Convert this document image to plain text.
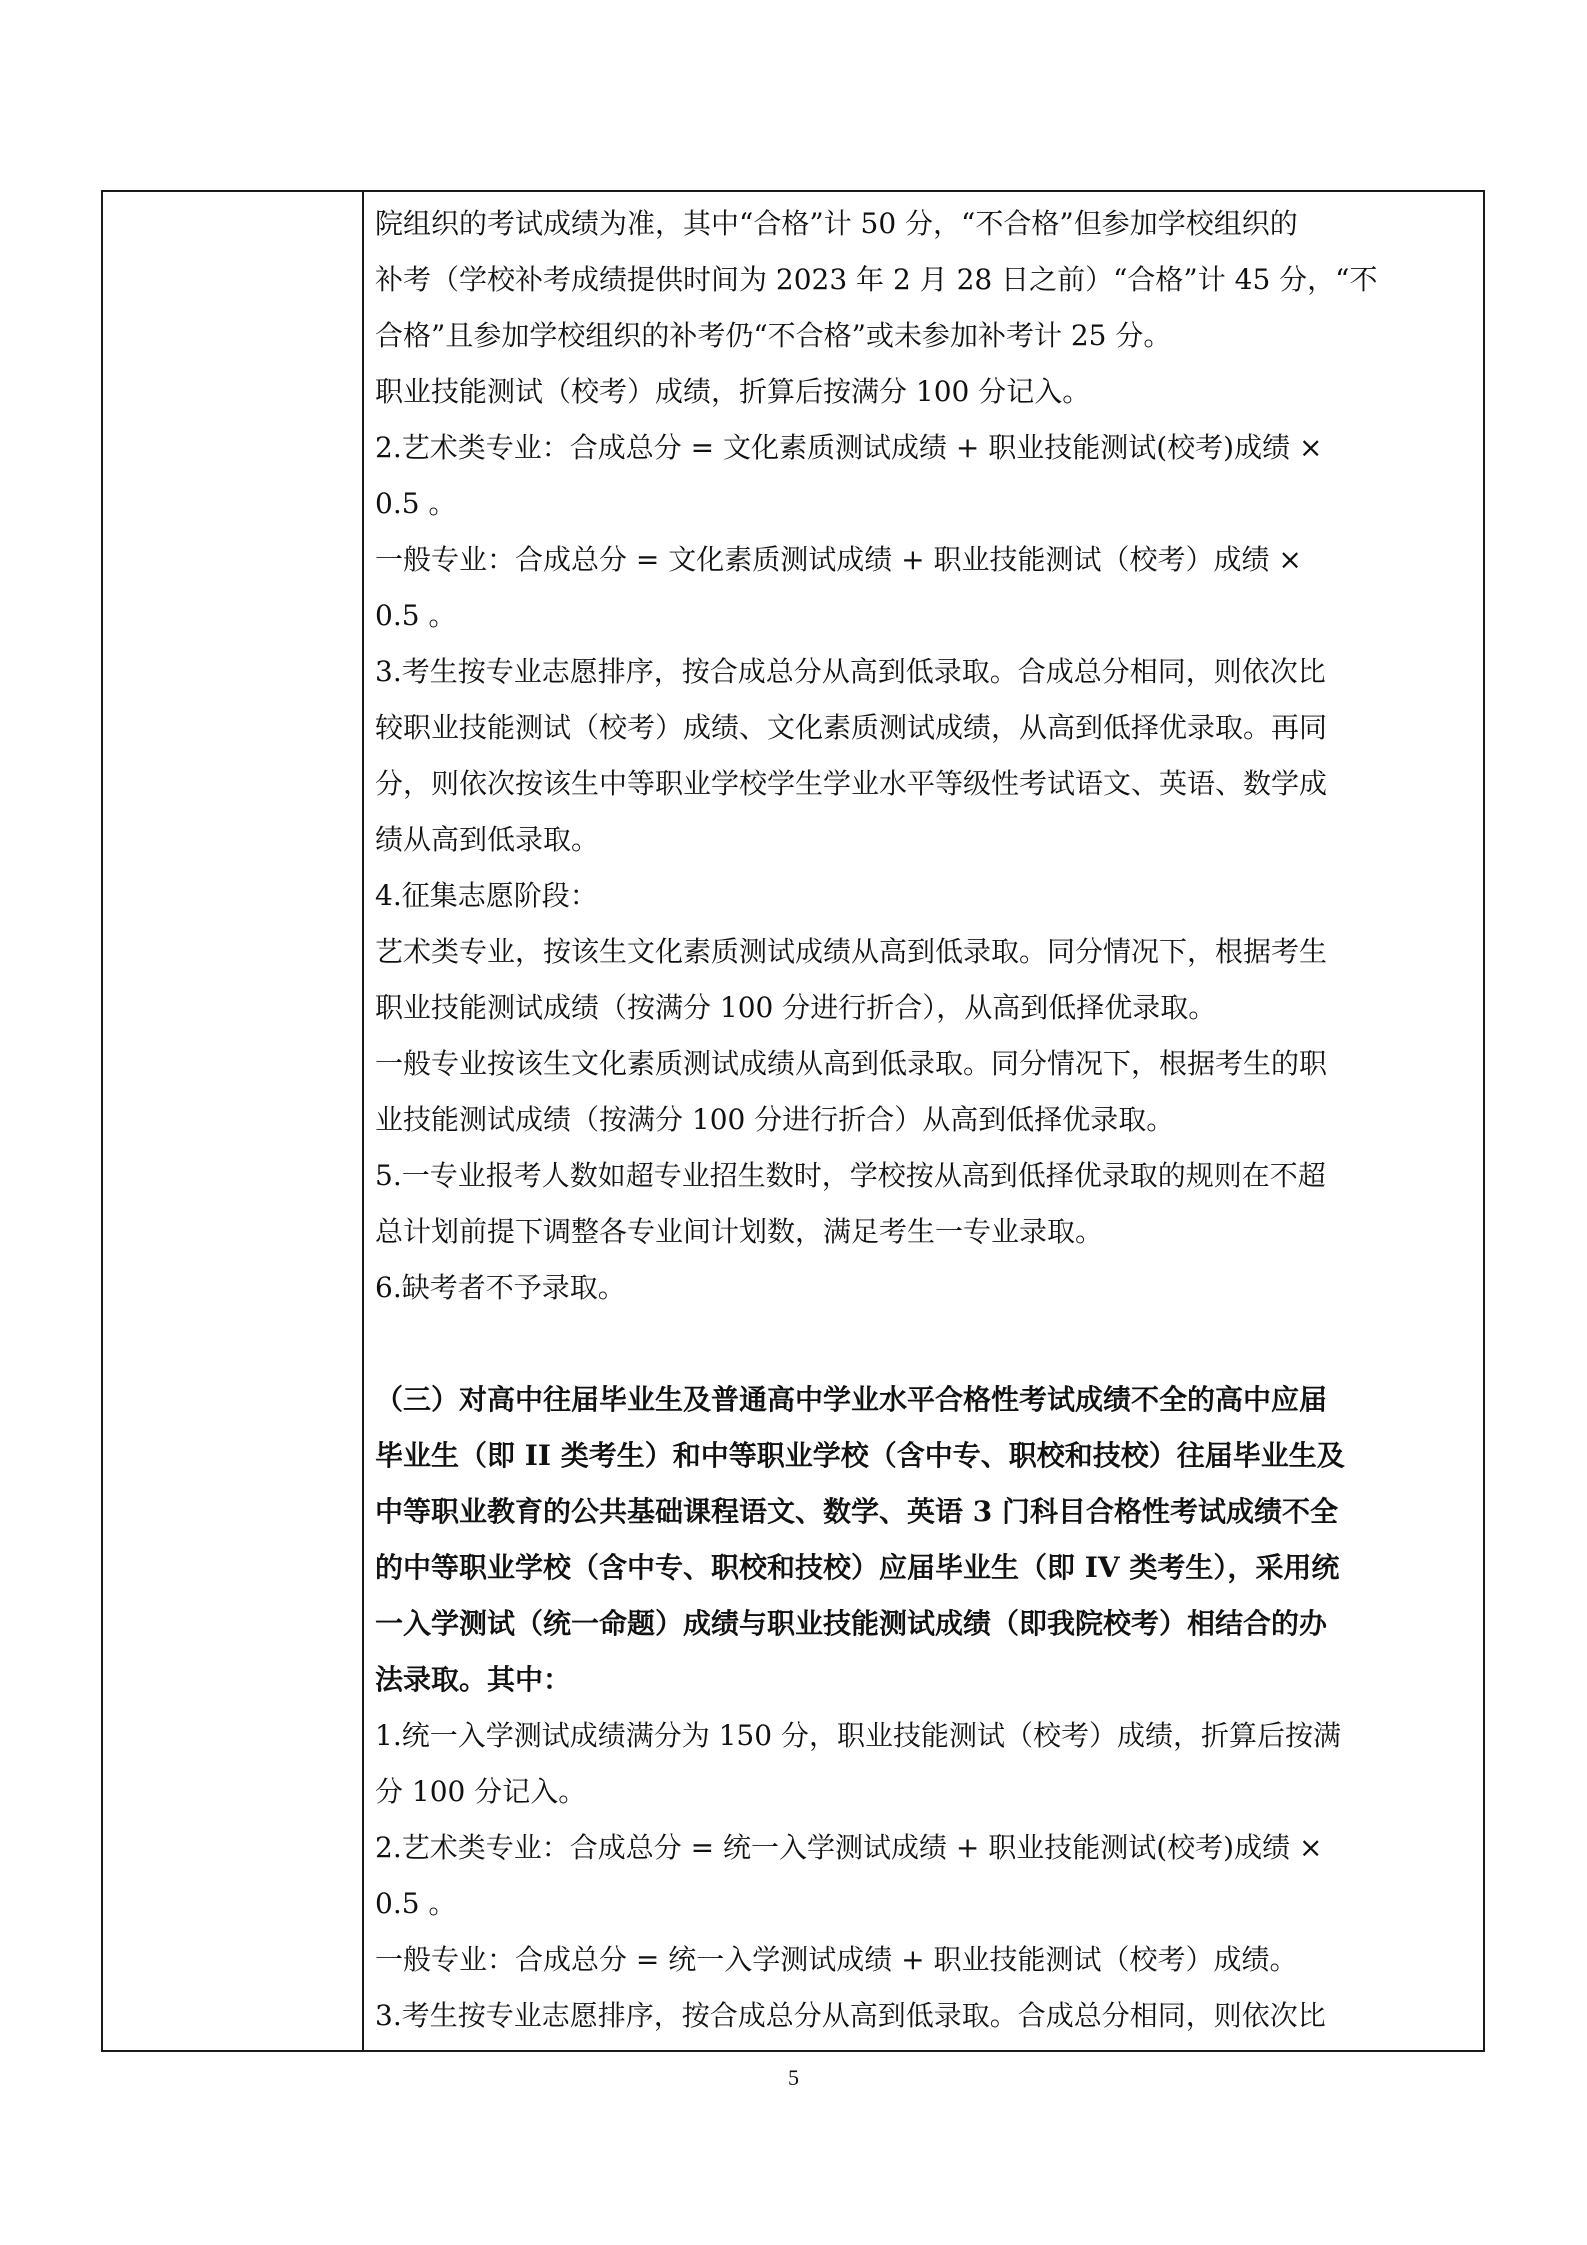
院组织的考试成绩为准，其中“合格”计 50 分，“不合格”但参加学校组织的
补考（学校补考成绩提供时间为 2023 年 2 月 28 日之前）“合格”计 45 分，“不
合格”且参加学校组织的补考仍“不合格”或未参加补考计 25 分。
职业技能测试（校考）成绩，折算后按满分 100 分记入。
2.艺术类专业：合成总分 = 文化素质测试成绩 + 职业技能测试(校考)成绩 ×
0.5 。
一般专业：合成总分 = 文化素质测试成绩 + 职业技能测试（校考）成绩 ×
0.5 。
3.考生按专业志愿排序，按合成总分从高到低录取。合成总分相同，则依次比
较职业技能测试（校考）成绩、文化素质测试成绩，从高到低择优录取。再同
分，则依次按该生中等职业学校学生学业水平等级性考试语文、英语、数学成
绩从高到低录取。
4.征集志愿阶段：
艺术类专业，按该生文化素质测试成绩从高到低录取。同分情况下，根据考生
职业技能测试成绩（按满分 100 分进行折合），从高到低择优录取。
一般专业按该生文化素质测试成绩从高到低录取。同分情况下，根据考生的职
业技能测试成绩（按满分 100 分进行折合）从高到低择优录取。
5.一专业报考人数如超专业招生数时，学校按从高到低择优录取的规则在不超
总计划前提下调整各专业间计划数，满足考生一专业录取。
6.缺考者不予录取。
（三）对高中往届毕业生及普通高中学业水平合格性考试成绩不全的高中应届
毕业生（即 II 类考生）和中等职业学校（含中专、职校和技校）往届毕业生及
中等职业教育的公共基础课程语文、数学、英语 3 门科目合格性考试成绩不全
的中等职业学校（含中专、职校和技校）应届毕业生（即 IV 类考生），采用统
一入学测试（统一命题）成绩与职业技能测试成绩（即我院校考）相结合的办
法录取。其中：
1.统一入学测试成绩满分为 150 分，职业技能测试（校考）成绩，折算后按满
分 100 分记入。
2.艺术类专业：合成总分 = 统一入学测试成绩 + 职业技能测试(校考)成绩 ×
0.5 。
一般专业：合成总分 = 统一入学测试成绩 + 职业技能测试（校考）成绩。
3.考生按专业志愿排序，按合成总分从高到低录取。合成总分相同，则依次比
5
